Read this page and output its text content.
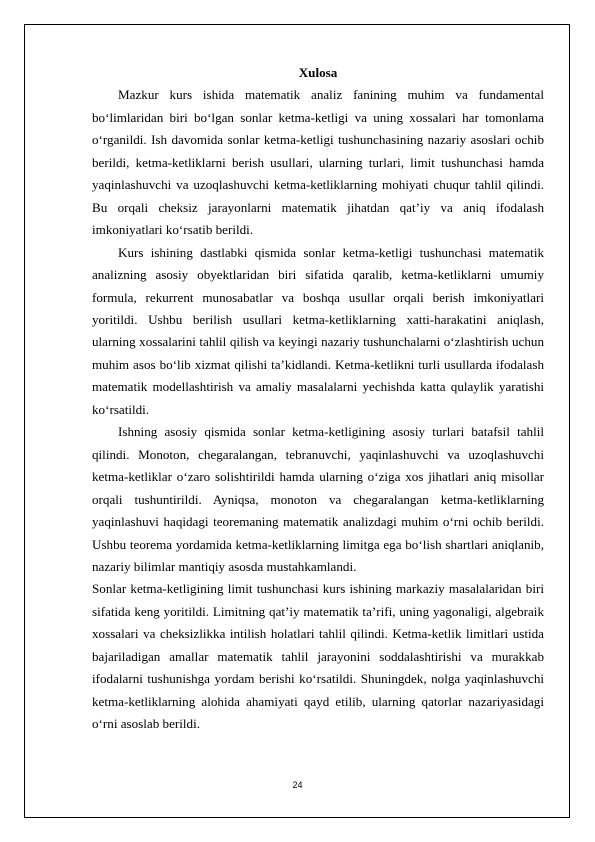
Xulosa

Mazkur kurs ishida matematik analiz fanining muhim va fundamental bo‘limlaridan biri bo‘lgan sonlar ketma-ketligi va uning xossalari har tomonlama o‘rganildi. Ish davomida sonlar ketma-ketligi tushunchasining nazariy asoslari ochib berildi, ketma-ketliklarni berish usullari, ularning turlari, limit tushunchasi hamda yaqinlashuvchi va uzoqlashuvchi ketma-ketliklarning mohiyati chuqur tahlil qilindi. Bu orqali cheksiz jarayonlarni matematik jihatdan qat’iy va aniq ifodalash imkoniyatlari ko‘rsatib berildi.

Kurs ishining dastlabki qismida sonlar ketma-ketligi tushunchasi matematik analizning asosiy obyektlaridan biri sifatida qaralib, ketma-ketliklarni umumiy formula, rekurrent munosabatlar va boshqa usullar orqali berish imkoniyatlari yoritildi. Ushbu berilish usullari ketma-ketliklarning xatti-harakatini aniqlash, ularning xossalarini tahlil qilish va keyingi nazariy tushunchalarni o‘zlashtirish uchun muhim asos bo‘lib xizmat qilishi ta’kidlandi. Ketma-ketlikni turli usullarda ifodalash matematik modellashtirish va amaliy masalalarni yechishda katta qulaylik yaratishi ko‘rsatildi.

Ishning asosiy qismida sonlar ketma-ketligining asosiy turlari batafsil tahlil qilindi. Monoton, chegaralangan, tebranuvchi, yaqinlashuvchi va uzoqlashuvchi ketma-ketliklar o‘zaro solishtirildi hamda ularning o‘ziga xos jihatlari aniq misollar orqali tushuntirildi. Ayniqsa, monoton va chegaralangan ketma-ketliklarning yaqinlashuvi haqidagi teoremaning matematik analizdagi muhim o‘rni ochib berildi. Ushbu teorema yordamida ketma-ketliklarning limitga ega bo‘lish shartlari aniqlanib, nazariy bilimlar mantiqiy asosda mustahkamlandi.

Sonlar ketma-ketligining limit tushunchasi kurs ishining markaziy masalalaridan biri sifatida keng yoritildi. Limitning qat’iy matematik ta’rifi, uning yagonaligi, algebraik xossalari va cheksizlikka intilish holatlari tahlil qilindi. Ketma-ketlik limitlari ustida bajariladigan amallar matematik tahlil jarayonini soddalashtirishi va murakkab ifodalarni tushunishga yordam berishi ko‘rsatildi. Shuningdek, nolga yaqinlashuvchi ketma-ketliklarning alohida ahamiyati qayd etilib, ularning qatorlar nazariyasidagi o‘rni asoslab berildi.

24
